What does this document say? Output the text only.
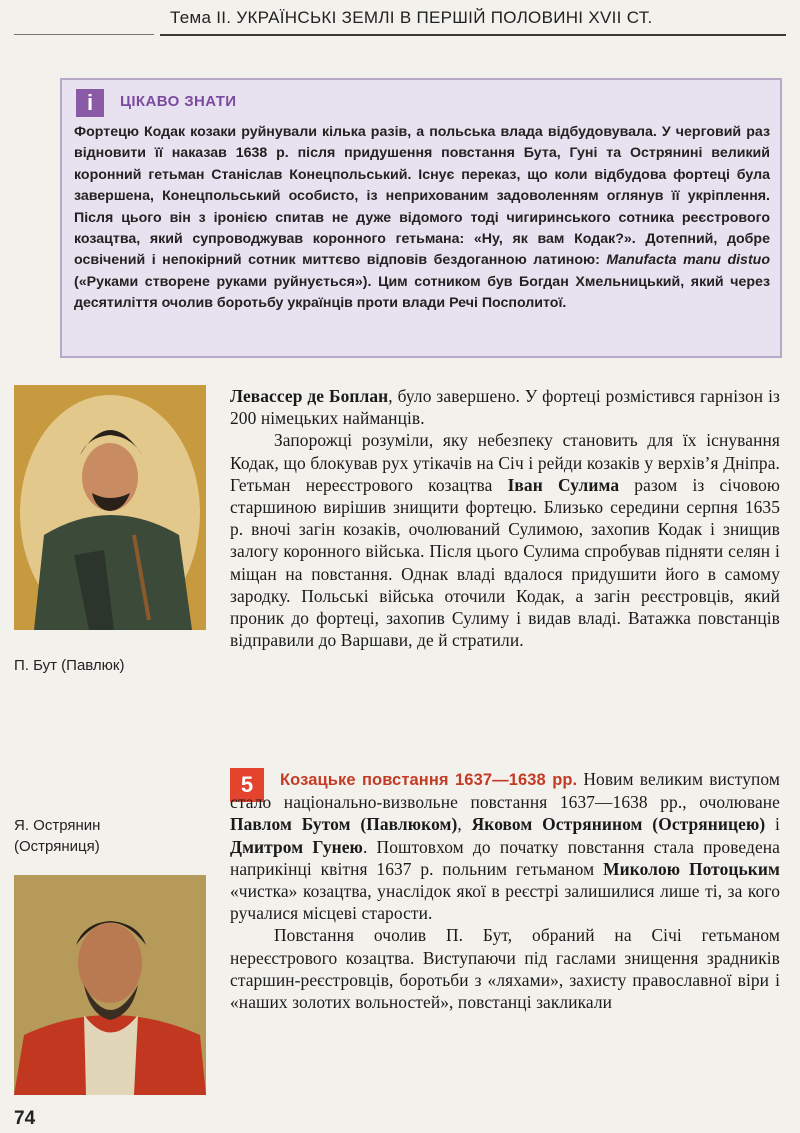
Тема II. УКРАЇНСЬКІ ЗЕМЛІ В ПЕРШІЙ ПОЛОВИНІ XVII СТ.
i	ЦІКАВО ЗНАТИ
Фортецю Кодак козаки руйнували кілька разів, а польська влада відбудовувала. У черговий раз відновити її наказав 1638 р. після придушення повстання Бута, Гуні та Острянині великий коронний гетьман Станіслав Конецпольський. Існує переказ, що коли відбудова фортеці була завершена, Конецпольський особисто, із неприхованим задоволенням оглянув її укріплення. Після цього він з іронією спитав не дуже відомого тоді чигиринського сотника реєстрового козацтва, який супроводжував коронного гетьмана: «Ну, як вам Кодак?». Дотепний, добре освічений і непокірний сотник миттєво відповів бездоганною латиною: Manufacta manu distuo («Руками створене руками руйнується»). Цим сотником був Богдан Хмельницький, який через десятиліття очолив боротьбу українців проти влади Речі Посполитої.
П. Бут (Павлюк)
Я. Острянин
(Остряниця)

Левассер де Боплан, було завершено. У фортеці розмістився гарнізон із 200 німецьких найманців.

Запорожці розуміли, яку небезпеку становить для їх існування Кодак, що блокував рух утікачів на Січ і рейди козаків у верхів’я Дніпра. Гетьман нереєстрового козацтва Іван Сулима разом із січовою старшиною вирішив знищити фортецю. Близько середини серпня 1635 р. вночі загін козаків, очолюваний Сулимою, захопив Кодак і знищив залогу коронного війська. Після цього Сулима спробував підняти селян і міщан на повстання. Однак владі вдалося придушити його в самому зародку. Польські війська оточили Кодак, а загін реєстровців, який проник до фортеці, захопив Сулиму і видав владі. Ватажка повстанців відправили до Варшави, де й стратили.

5	Козацьке повстання 1637—1638 рр. Новим великим виступом стало національно-визвольне повстання 1637—1638 рр., очолюване Павлом Бутом (Павлюком), Яковом Острянином (Остряницею) і Дмитром Гунею. Поштовхом до початку повстання стала проведена наприкінці квітня 1637 р. польним гетьманом Миколою Потоцьким «чистка» козацтва, унаслідок якої в реєстрі залишилися лише ті, за кого ручалися місцеві старости.

Повстання очолив П. Бут, обраний на Січі гетьманом нереєстрового козацтва. Виступаючи під гаслами знищення зрадників старшин-реєстровців, боротьби з «ляхами», захисту православної віри і «наших золотих вольностей», повстанці закликали

74
